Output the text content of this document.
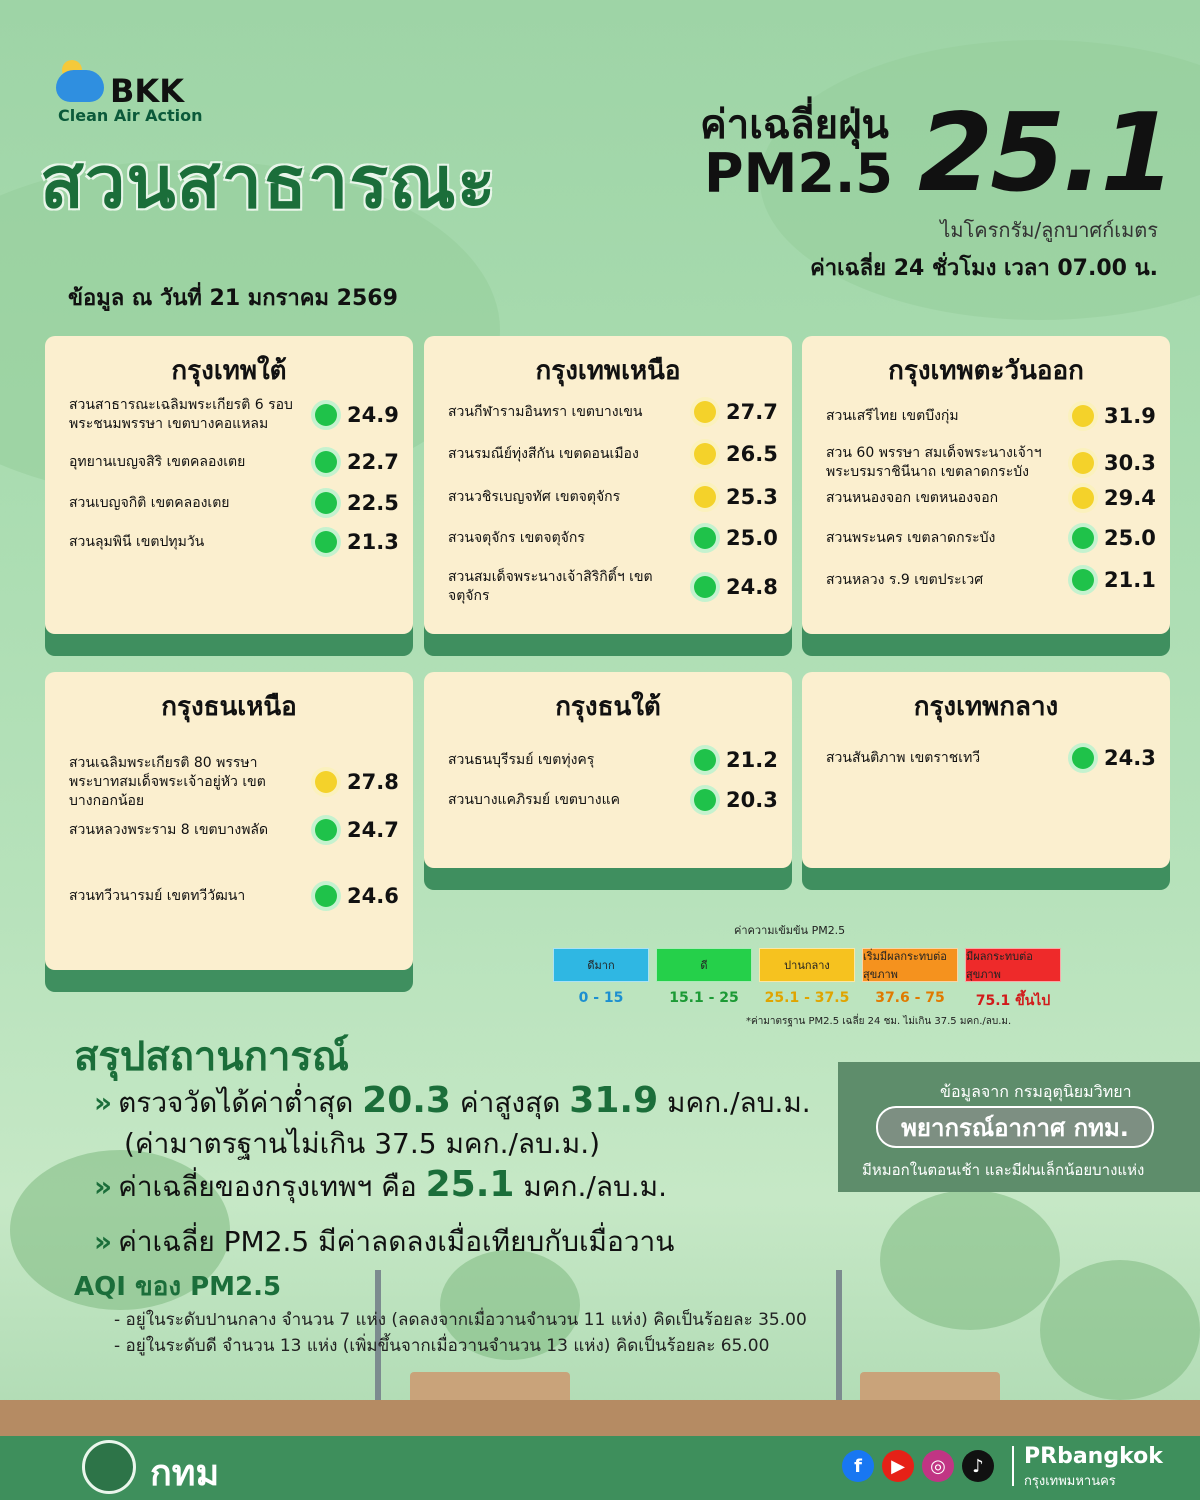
BKK
Clean Air Action
สวนสาธารณะ
ค่าเฉลี่ยฝุ่น
PM2.5 25.1
ไมโครกรัม/ลูกบาศก์เมตร
ค่าเฉลี่ย 24 ชั่วโมง เวลา 07.00 น.
ข้อมูล ณ วันที่ 21 มกราคม 2569
กรุงเทพใต้
สวนสาธารณะเฉลิมพระเกียรติ 6 รอบ พระชนมพรรษา เขตบางคอแหลม	24.9
อุทยานเบญจสิริ เขตคลองเตย	22.7
สวนเบญจกิติ เขตคลองเตย	22.5
สวนลุมพินี เขตปทุมวัน	21.3
กรุงเทพเหนือ
สวนกีฬารามอินทรา เขตบางเขน	27.7
สวนรมณีย์ทุ่งสีกัน เขตดอนเมือง	26.5
สวนวชิรเบญจทัศ เขตจตุจักร	25.3
สวนจตุจักร เขตจตุจักร	25.0
สวนสมเด็จพระนางเจ้าสิริกิติ์ฯ เขตจตุจักร	24.8
กรุงเทพตะวันออก
สวนเสรีไทย เขตบึงกุ่ม	31.9
สวน 60 พรรษา สมเด็จพระนางเจ้าฯ พระบรมราชินีนาถ เขตลาดกระบัง	30.3
สวนหนองจอก เขตหนองจอก	29.4
สวนพระนคร เขตลาดกระบัง	25.0
สวนหลวง ร.9 เขตประเวศ	21.1
กรุงธนเหนือ
สวนเฉลิมพระเกียรติ 80 พรรษา พระบาทสมเด็จพระเจ้าอยู่หัว เขตบางกอกน้อย
27.8
สวนหลวงพระราม 8 เขตบางพลัด	24.7
สวนทวีวนารมย์ เขตทวีวัฒนา	24.6
กรุงธนใต้
สวนธนบุรีรมย์ เขตทุ่งครุ	21.2
สวนบางแคภิรมย์ เขตบางแค	20.3
กรุงเทพกลาง
สวนสันติภาพ เขตราชเทวี	24.3
ค่าความเข้มข้น PM2.5
ดีมาก
0 - 15
ดี
15.1 - 25
ปานกลาง
25.1 - 37.5
เริ่มมีผลกระทบต่อสุขภาพ
37.6 - 75
มีผลกระทบต่อสุขภาพ
75.1 ขึ้นไป
*ค่ามาตรฐาน PM2.5 เฉลี่ย 24 ชม. ไม่เกิน 37.5 มคก./ลบ.ม.
สรุปสถานการณ์
» ตรวจวัดได้ค่าต่ำสุด 20.3 ค่าสูงสุด 31.9 มคก./ลบ.ม.
(ค่ามาตรฐานไม่เกิน 37.5 มคก./ลบ.ม.)
» ค่าเฉลี่ยของกรุงเทพฯ คือ 25.1 มคก./ลบ.ม.
» ค่าเฉลี่ย PM2.5 มีค่าลดลงเมื่อเทียบกับเมื่อวาน
AQI ของ PM2.5
- อยู่ในระดับปานกลาง จำนวน 7 แห่ง (ลดลงจากเมื่อวานจำนวน 11 แห่ง) คิดเป็นร้อยละ 35.00
- อยู่ในระดับดี จำนวน 13 แห่ง (เพิ่มขึ้นจากเมื่อวานจำนวน 13 แห่ง) คิดเป็นร้อยละ 65.00
ข้อมูลจาก กรมอุตุนิยมวิทยา
พยากรณ์อากาศ กทม.
มีหมอกในตอนเช้า และมีฝนเล็กน้อยบางแห่ง
กทม	f	▶	◎	♪	PRbangkok
กรุงเทพมหานคร
